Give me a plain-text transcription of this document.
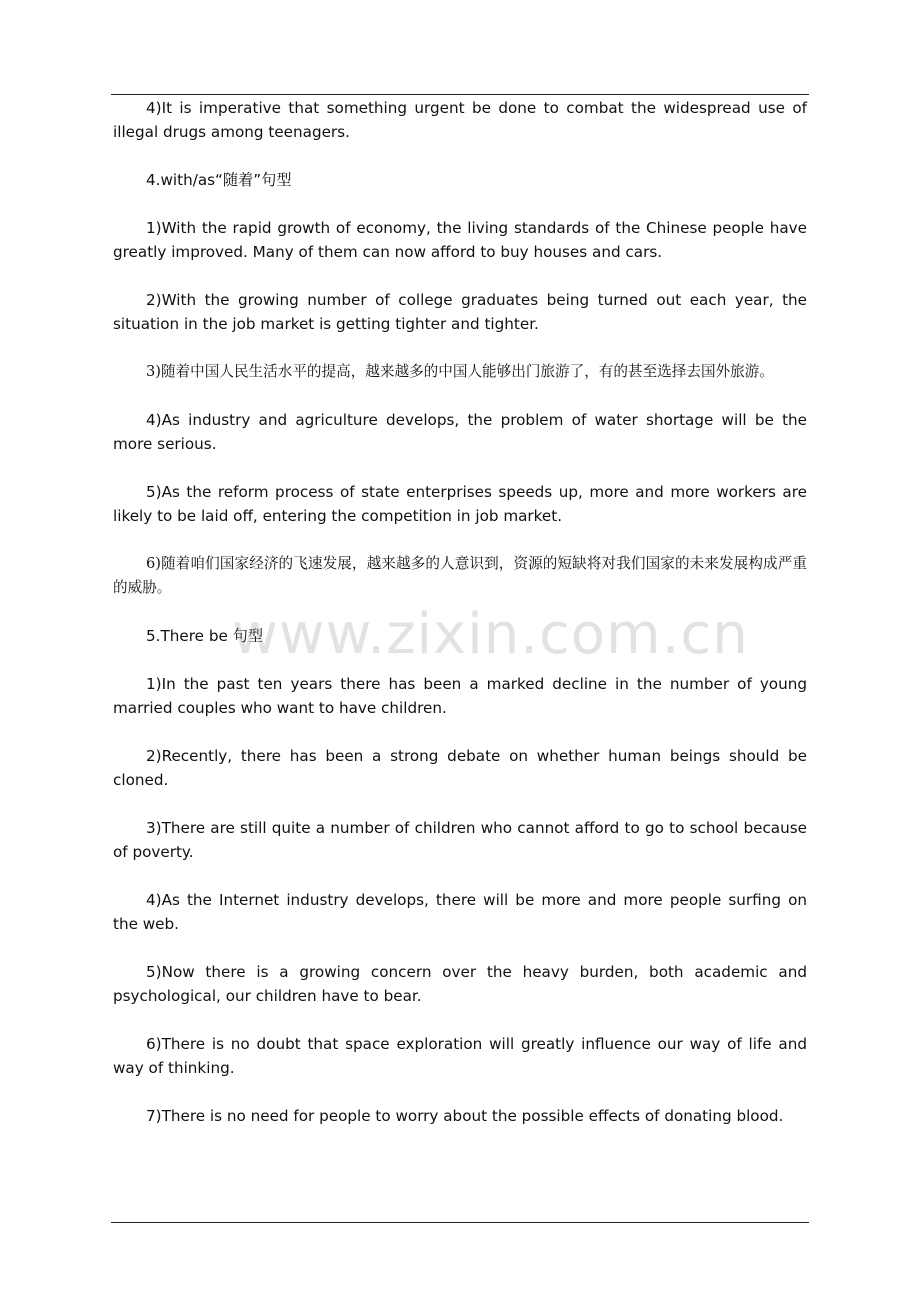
4)It is imperative that something urgent be done to combat the widespread use of illegal drugs among teenagers.

4.with/as“随着”句型

1)With the rapid growth of economy, the living standards of the Chinese people have greatly improved. Many of them can now afford to buy houses and cars.

2)With the growing number of college graduates being turned out each year, the situation in the job market is getting tighter and tighter.

3)随着中国人民生活水平的提高，越来越多的中国人能够出门旅游了，有的甚至选择去国外旅游。

4)As industry and agriculture develops, the problem of water shortage will be the more serious.

5)As the reform process of state enterprises speeds up, more and more workers are likely to be laid off, entering the competition in job market.

6)随着咱们国家经济的飞速发展，越来越多的人意识到，资源的短缺将对我们国家的未来发展构成严重的威胁。

5.There be 句型

1)In the past ten years there has been a marked decline in the number of young married couples who want to have children.

2)Recently, there has been a strong debate on whether human beings should be cloned.

3)There are still quite a number of children who cannot afford to go to school because of poverty.

4)As the Internet industry develops, there will be more and more people surfing on the web.

5)Now there is a growing concern over the heavy burden, both academic and psychological, our children have to bear.

6)There is no doubt that space exploration will greatly influence our way of life and way of thinking.

7)There is no need for people to worry about the possible effects of donating blood.

www.zixin.com.cn
